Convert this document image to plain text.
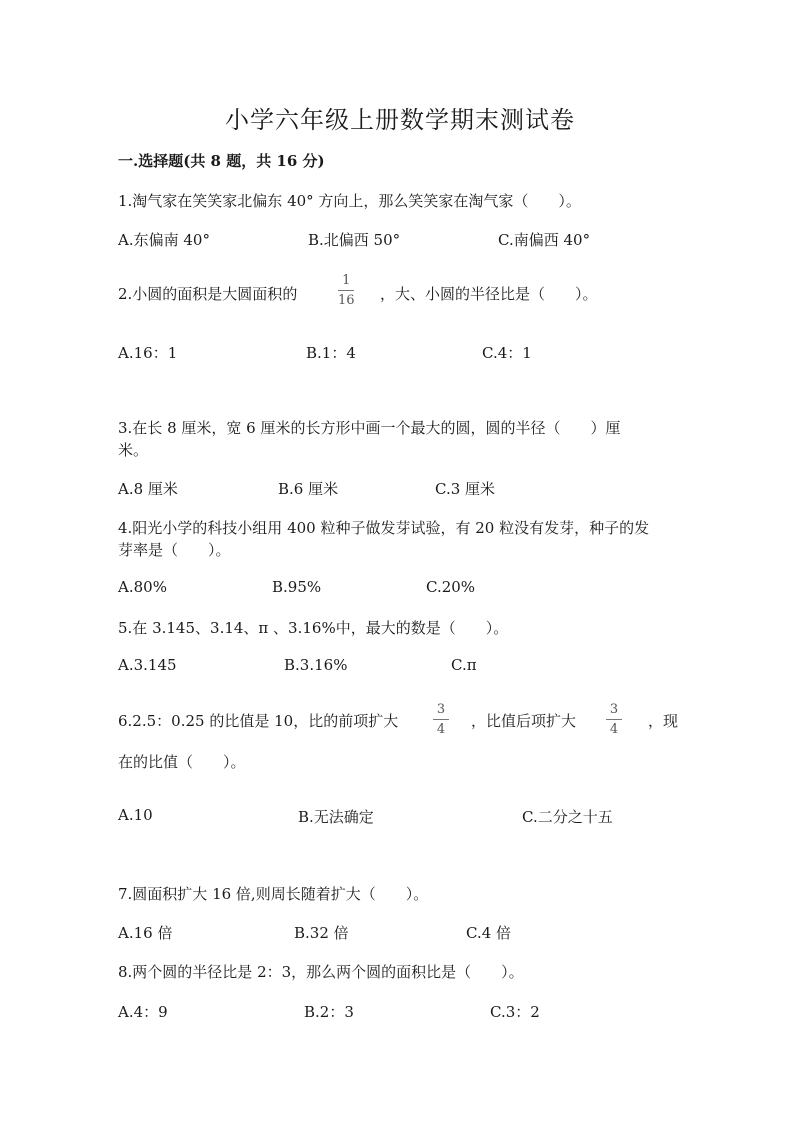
小学六年级上册数学期末测试卷
一.选择题(共 8 题，共 16 分)
1.淘气家在笑笑家北偏东 40° 方向上，那么笑笑家在淘气家（　　）。
A.东偏南 40°	B.北偏西 50°	C.南偏西 40°
2.小圆的面积是大圆面积的
1
16 ，大、小圆的半径比是（　　）。
A.16：1	B.1：4	C.4：1
3.在长 8 厘米，宽 6 厘米的长方形中画一个最大的圆，圆的半径（　　）厘
米。
A.8 厘米	B.6 厘米	C.3 厘米
4.阳光小学的科技小组用 400 粒种子做发芽试验，有 20 粒没有发芽，种子的发
芽率是（　　）。
A.80%	B.95%	C.20%
5.在 3.145、3.14、π 、3.16%中，最大的数是（　　）。
A.3.145	B.3.16%	C.π
6.2.5：0.25 的比值是 10，比的前项扩大
3
4 ，比值后项扩大
3
4 ，现
在的比值（　　）。
A.10	B.无法确定	C.二分之十五
7.圆面积扩大 16 倍,则周长随着扩大（　　）。
A.16 倍	B.32 倍	C.4 倍
8.两个圆的半径比是 2：3，那么两个圆的面积比是（　　）。
A.4：9	B.2：3	C.3：2
